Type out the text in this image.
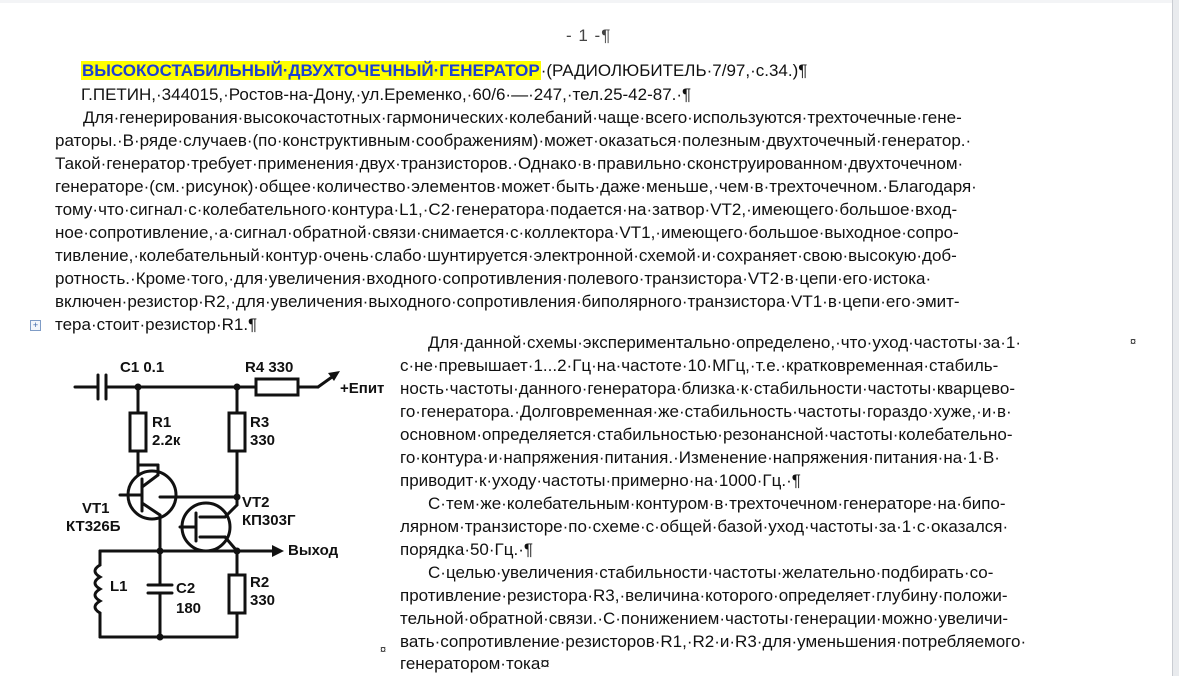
- 1 -¶
ВЫСОКОСТАБИЛЬНЫЙ·ДВУХТОЧЕЧНЫЙ·ГЕНЕРАТОР·(РАДИОЛЮБИТЕЛЬ·7/97,·с.34.)¶
Г.ПЕТИН,·344015,·Ростов-на-Дону,·ул.Еременко,·60/6·—·247,·тел.25-42-87.·¶
Для·генерирования·высокочастотных·гармонических·колебаний·чаще·всего·используются·трехточечные·гене-
раторы.·В·ряде·случаев·(по·конструктивным·соображениям)·может·оказаться·полезным·двухточечный·генератор.·
Такой·генератор·требует·применения·двух·транзисторов.·Однако·в·правильно·сконструированном·двухточечном·
генераторе·(см.·рисунок)·общее·количество·элементов·может·быть·даже·меньше,·чем·в·трехточечном.·Благодаря·
тому·что·сигнал·с·колебательного·контура·L1,·C2·генератора·подается·на·затвор·VT2,·имеющего·большое·вход-
ное·сопротивление,·а·сигнал·обратной·связи·снимается·с·коллектора·VT1,·имеющего·большое·выходное·сопро-
тивление,·колебательный·контур·очень·слабо·шунтируется·электронной·схемой·и·сохраняет·свою·высокую·доб-
ротность.·Кроме·того,·для·увеличения·входного·сопротивления·полевого·транзистора·VT2·в·цепи·его·истока·
включен·резистор·R2,·для·увеличения·выходного·сопротивления·биполярного·транзистора·VT1·в·цепи·его·эмит-
тера·стоит·резистор·R1.¶
+
Для·данной·схемы·экспериментально·определено,·что·уход·частоты·за·1·
с·не·превышает·1...2·Гц·на·частоте·10·МГц,·т.е.·кратковременная·стабиль-
ность·частоты·данного·генератора·близка·к·стабильности·частоты·кварцево-
го·генератора.·Долговременная·же·стабильность·частоты·гораздо·хуже,·и·в·
основном·определяется·стабильностью·резонансной·частоты·колебательно-
го·контура·и·напряжения·питания.·Изменение·напряжения·питания·на·1·В·
приводит·к·уходу·частоты·примерно·на·1000·Гц.·¶
С·тем·же·колебательным·контуром·в·трехточечном·генераторе·на·бипо-
лярном·транзисторе·по·схеме·с·общей·базой·уход·частоты·за·1·с·оказался·
порядка·50·Гц.·¶
С·целью·увеличения·стабильности·частоты·желательно·подбирать·со-
противление·резистора·R3,·величина·которого·определяет·глубину·положи-
тельной·обратной·связи.·С·понижением·частоты·генерации·можно·увеличи-
вать·сопротивление·резисторов·R1,·R2·и·R3·для·уменьшения·потребляемого·
генератором·тока¤
¤
¤
C1 0.1	R4 330
+Eпит
R1
2.2к
R3
330
VT1
КТ326Б
VT2
КП303Г
Выход
L1	C2
180
R2
330
